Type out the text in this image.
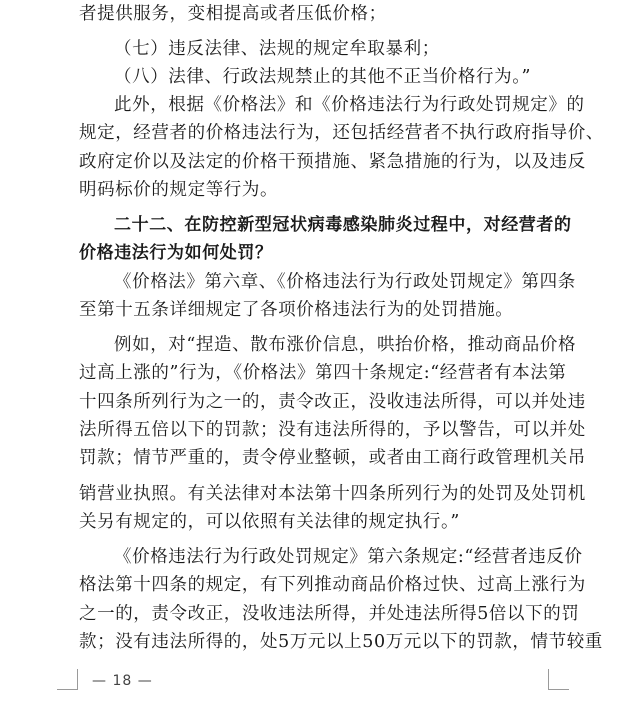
者提供服务，变相提高或者压低价格；
（七）违反法律、法规的规定牟取暴利；
（八）法律、行政法规禁止的其他不正当价格行为。”
此外，根据《价格法》和《价格违法行为行政处罚规定》的
规定，经营者的价格违法行为，还包括经营者不执行政府指导价、
政府定价以及法定的价格干预措施、紧急措施的行为，以及违反
明码标价的规定等行为。
二十二、在防控新型冠状病毒感染肺炎过程中，对经营者的
价格违法行为如何处罚？
《价格法》第六章、《价格违法行为行政处罚规定》第四条
至第十五条详细规定了各项价格违法行为的处罚措施。
例如，对“捏造、散布涨价信息，哄抬价格，推动商品价格
过高上涨的”行为，《价格法》第四十条规定:“经营者有本法第
十四条所列行为之一的，责令改正，没收违法所得，可以并处违
法所得五倍以下的罚款；没有违法所得的，予以警告，可以并处
罚款；情节严重的，责令停业整顿，或者由工商行政管理机关吊
销营业执照。有关法律对本法第十四条所列行为的处罚及处罚机
关另有规定的，可以依照有关法律的规定执行。”
《价格违法行为行政处罚规定》第六条规定:“经营者违反价
格法第十四条的规定，有下列推动商品价格过快、过高上涨行为
之一的，责令改正，没收违法所得，并处违法所得5倍以下的罚
款；没有违法所得的，处5万元以上50万元以下的罚款，情节较重
— 18 —
